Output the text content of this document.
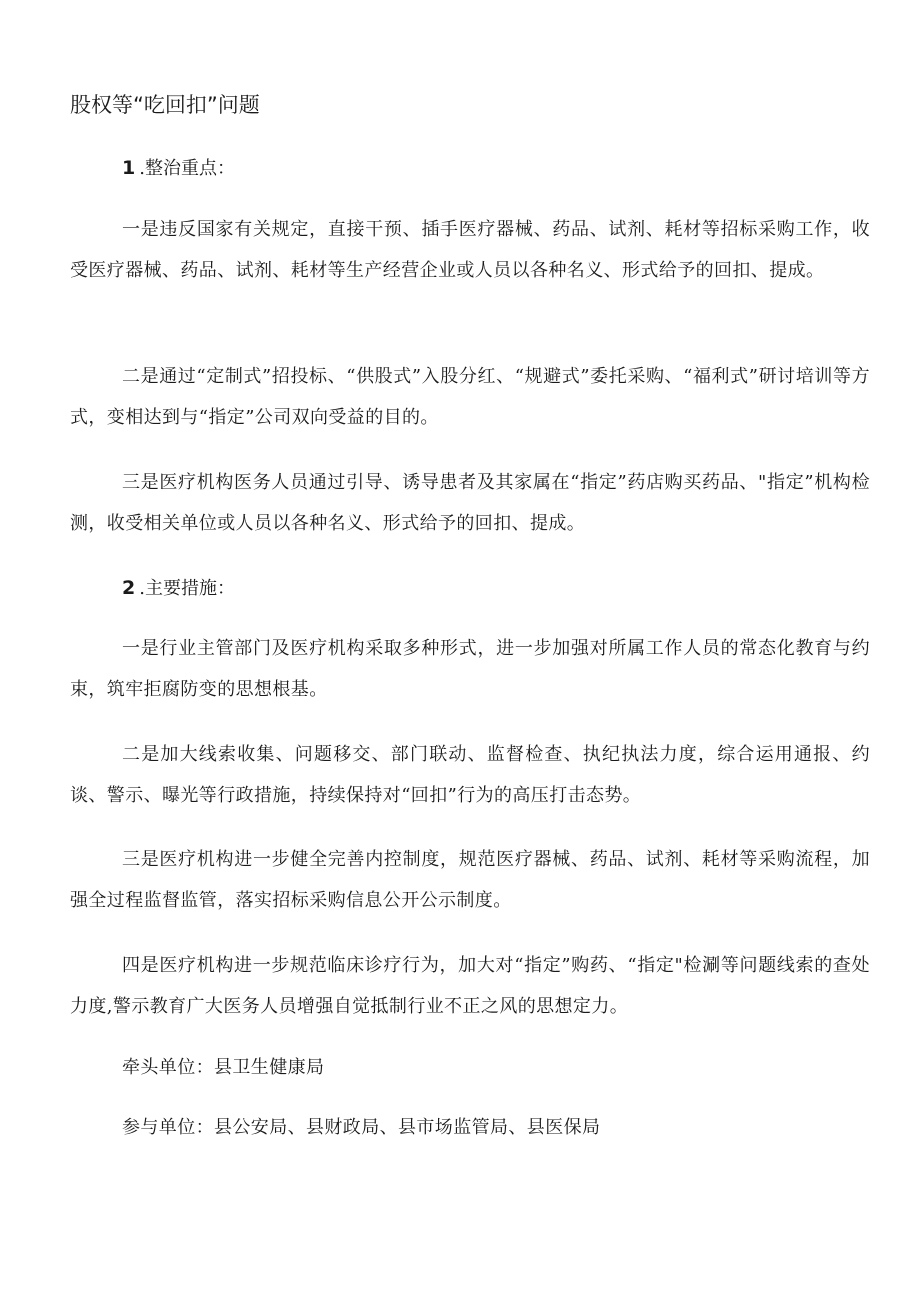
股权等“吃回扣”问题
1 .整治重点：

一是违反国家有关规定，直接干预、插手医疗器械、药品、试剂、耗材等招标采购工作，收受医疗器械、药品、试剂、耗材等生产经营企业或人员以各种名义、形式给予的回扣、提成。

二是通过“定制式”招投标、“供股式”入股分红、“规避式”委托采购、“福利式”研讨培训等方式，变相达到与“指定”公司双向受益的目的。

三是医疗机构医务人员通过引导、诱导患者及其家属在“指定”药店购买药品、"指定”机构检测，收受相关单位或人员以各种名义、形式给予的回扣、提成。

2 .主要措施：

一是行业主管部门及医疗机构采取多种形式，进一步加强对所属工作人员的常态化教育与约束，筑牢拒腐防变的思想根基。

二是加大线索收集、问题移交、部门联动、监督检查、执纪执法力度，综合运用通报、约谈、警示、曝光等行政措施，持续保持对“回扣”行为的高压打击态势。

三是医疗机构进一步健全完善内控制度，规范医疗器械、药品、试剂、耗材等采购流程，加强全过程监督监管，落实招标采购信息公开公示制度。

四是医疗机构进一步规范临床诊疗行为，加大对“指定”购药、“指定"检涮等问题线索的查处力度,警示教育广大医务人员增强自觉抵制行业不正之风的思想定力。

牵头单位：县卫生健康局
参与单位：县公安局、县财政局、县市场监管局、县医保局
